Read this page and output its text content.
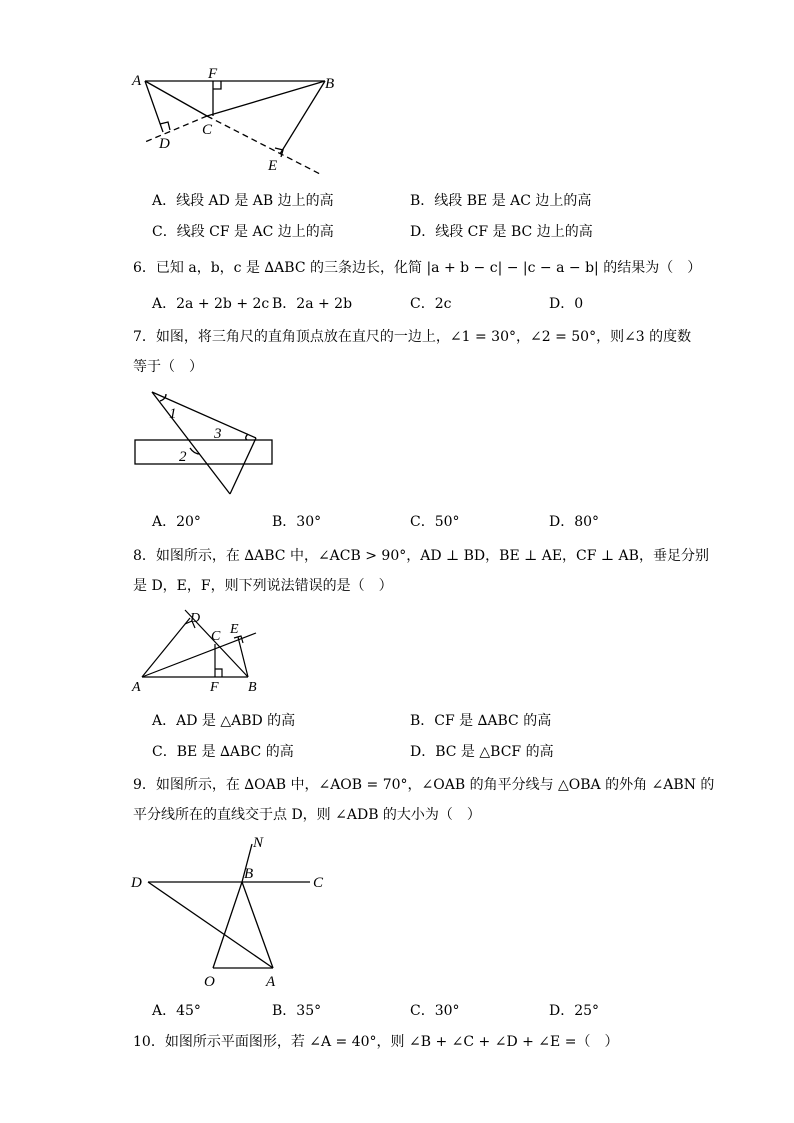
A	B
C
D
E
F
A．线段 AD 是 AB 边上的高	B．线段 BE 是 AC 边上的高
C．线段 CF 是 AC 边上的高	D．线段 CF 是 BC 边上的高
6．已知 a，b，c 是 ∆ABC 的三条边长，化简 |a + b − c| − |c − a − b| 的结果为（　）
A．2a + 2b + 2c B．2a + 2b	C．2c	D．0
7．如图，将三角尺的直角顶点放在直尺的一边上，∠1 = 30°，∠2 = 50°，则∠3 的度数
等于（　）
1
3
2
A．20°	B．30°	C．50°	D．80°
8．如图所示，在 ∆ABC 中，∠ACB > 90°，AD ⊥ BD，BE ⊥ AE，CF ⊥ AB，垂足分别
是 D，E，F，则下列说法错误的是（　）
A	B
C
D
E
F
A．AD 是 △ABD 的高	B．CF 是 ∆ABC 的高
C．BE 是 ∆ABC 的高	D．BC 是 △BCF 的高
9．如图所示，在 ∆OAB 中，∠AOB = 70°，∠OAB 的角平分线与 △OBA 的外角 ∠ABN 的
平分线所在的直线交于点 D，则 ∠ADB 的大小为（　）
N
B
C
D
O	A
A．45°	B．35°	C．30°	D．25°
10．如图所示平面图形，若 ∠A = 40°，则 ∠B + ∠C + ∠D + ∠E =（　）
